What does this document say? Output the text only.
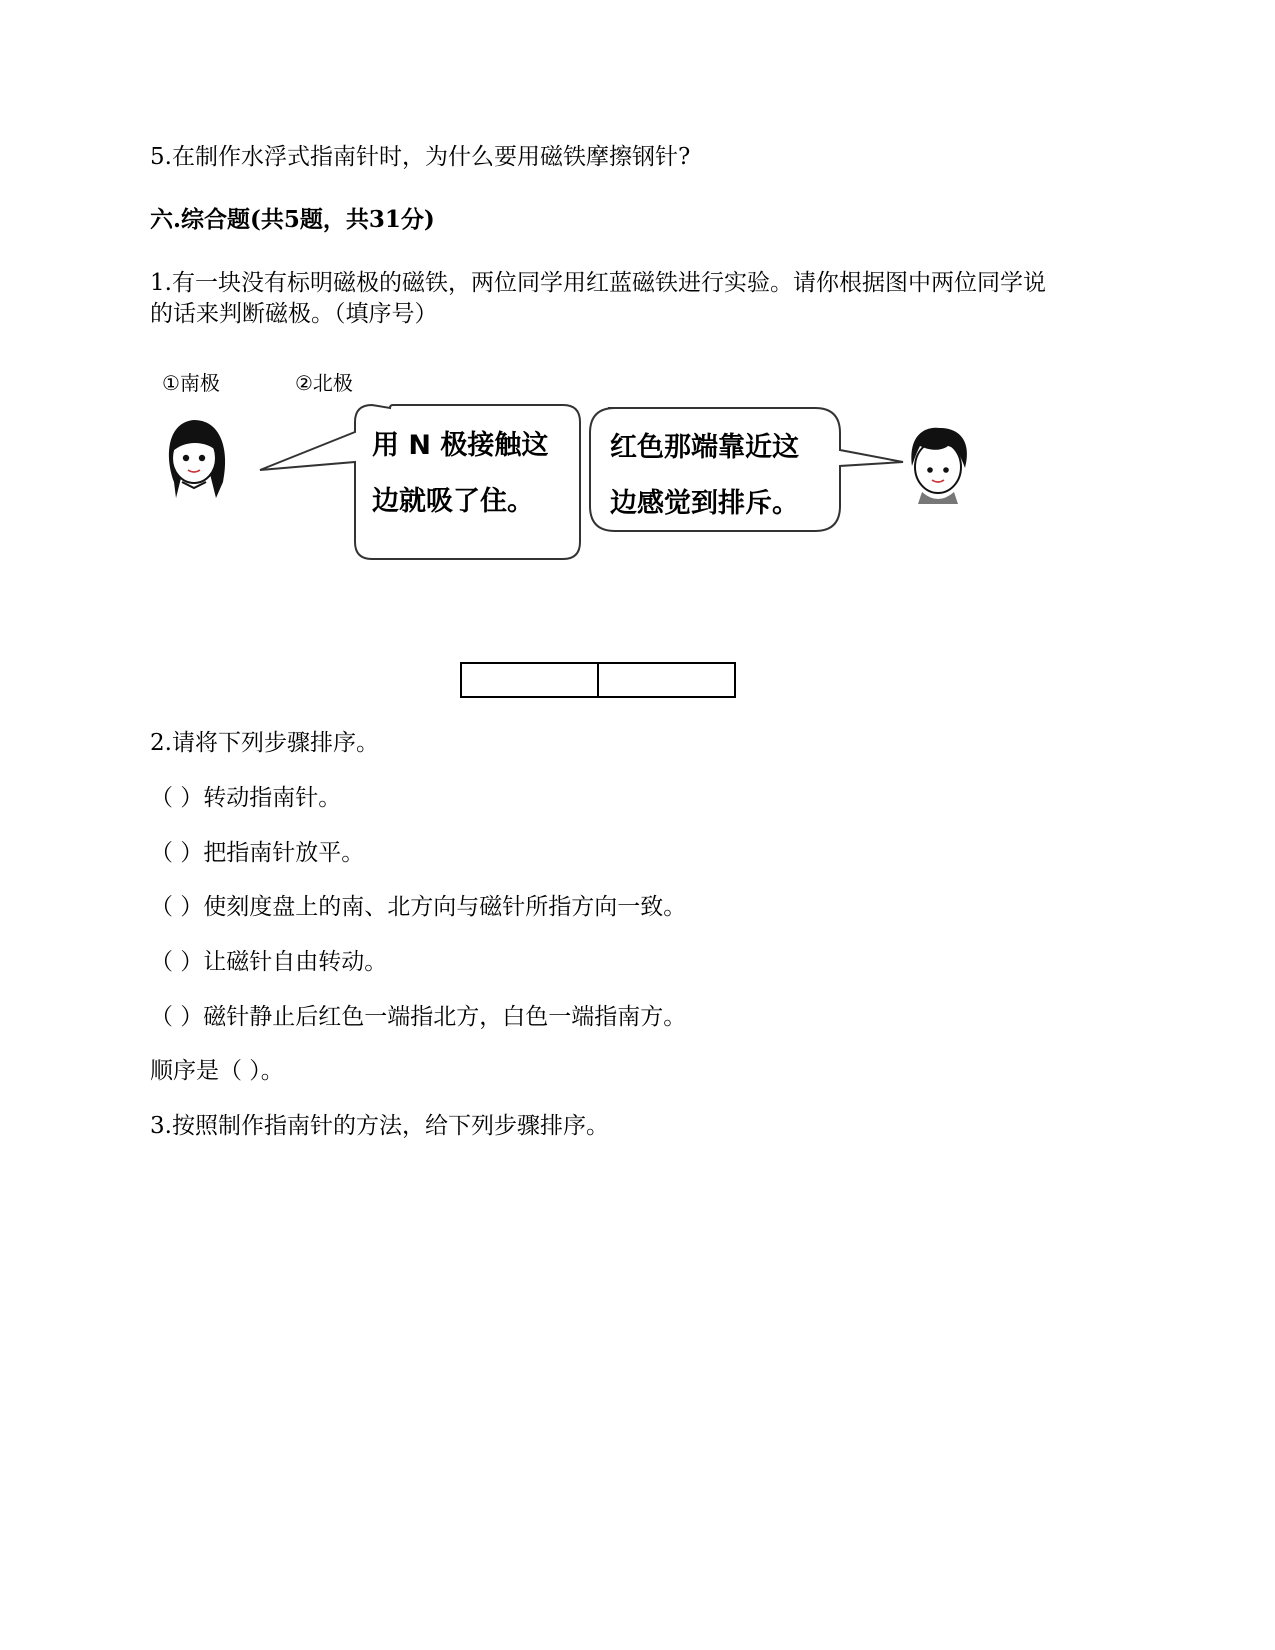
5.在制作水浮式指南针时，为什么要用磁铁摩擦钢针?
六.综合题(共5题，共31分)
1.有一块没有标明磁极的磁铁，两位同学用红蓝磁铁进行实验。请你根据图中两位同学说
的话来判断磁极。（填序号）
①南极	②北极
用 N 极接触这
边就吸了住。
红色那端靠近这
边感觉到排斥。
2.请将下列步骤排序。
（ ）转动指南针。
（ ）把指南针放平。
（ ）使刻度盘上的南、北方向与磁针所指方向一致。
（ ）让磁针自由转动。
（ ）磁针静止后红色一端指北方，白色一端指南方。
顺序是（ ）。
3.按照制作指南针的方法，给下列步骤排序。
